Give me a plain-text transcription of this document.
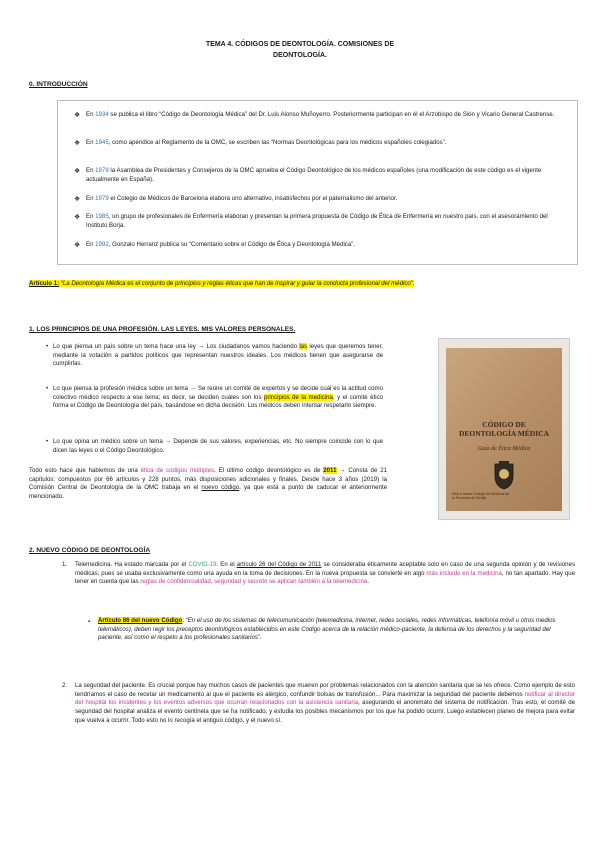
TEMA 4. CÓDIGOS DE DEONTOLOGÍA. COMISIONES DE
DEONTOLOGÍA.
0. INTRODUCCIÓN
❖ En 1934 se publica el libro “Código de Deontología Médica” del Dr. Luis Alonso Muñoyerro. Posteriormente participan en él el Arzobispo de Sión y Vicario General Castrense.
❖ En 1945, como apéndice al Reglamento de la OMC, se escriben las “Normas Deontológicas para los médicos españoles colegiados”.
❖ En 1978 la Asamblea de Presidentes y Consejeros de la OMC aprueba el Código Deontológico de los médicos españoles (una modificación de este código es el vigente actualmente en España).
❖ En 1979 el Colegio de Médicos de Barcelona elabora uno alternativo, insatisfechos por el paternalismo del anterior.
❖ En 1985, un grupo de profesionales de Enfermería elaboran y presentan la primera propuesta de Código de Ética de Enfermería en nuestro país, con el asesoramiento del Instituto Borja.
❖ En 1992, Gonzalo Herranz publica su “Comentario sobre el Código de Ética y Deontología Médica”.
Artículo 1: “La Deontología Médica es el conjunto de principios y reglas éticas que han de inspirar y guiar la conducta profesional del médico”.
1. LOS PRINCIPIOS DE UNA PROFESIÓN. LAS LEYES. MIS VALORES PERSONALES.
• Lo que piensa un país sobre un tema hace una ley → Los ciudadanos vamos haciendo las leyes que queremos tener, mediante la votación a partidos políticos que representan nuestros ideales. Los médicos tienen que asegurarse de cumplirlas.
• Lo que piensa la profesión médica sobre un tema → Se reúne un comité de expertos y se decide cuál es la actitud como colectivo médico respecto a ese tema; es decir, se deciden cuáles son los principios de la medicina, y el comité ético forma el Código de Deontología del país, basándose en dicha decisión. Los médicos deben intentar respetarlo siempre.
• Lo que opina un médico sobre un tema → Depende de sus valores, experiencias, etc. No siempre coincide con lo que dicen las leyes o el Código Deontológico.
Todo esto hace que hablemos de una ética de códigos múltiples. El último código deontológico es de 2011 → Consta de 21 capítulos: compuestos por 66 artículos y 228 puntos, más disposiciones adicionales y finales. Desde hace 3 años (2019) la Comisión Central de Deontología de la OMC trabaja en el nuevo código, ya que está a punto de caducar el anteriormente mencionado.
CÓDIGO DE
DEONTOLOGÍA MÉDICA
Guía de Ética Médica
Real e Ilustre Colegio de Médicos de la Provincia de Sevilla
2. NUEVO CÓDIGO DE DEONTOLOGÍA
1. Telemedicina. Ha estado marcada por el COVID-19. En el artículo 26 del Código de 2011 se consideraba éticamente aceptable solo en caso de una segunda opinión y de revisiones médicas; pues se usaba exclusivamente como una ayuda en la toma de decisiones. En la nueva propuesta se convierte en algo más incluido en la medicina, no tan apartado. Hay que tener en cuenta que las reglas de confidencialidad, seguridad y secreto se aplican también a la telemedicina.
▪ Artículo 86 del nuevo Código: “En el uso de los sistemas de telecomunicación (telemedicina, internet, redes sociales, redes informáticas, telefonía móvil u otros medios telemáticos), deben regir los preceptos deontológicos establecidos en este Código acerca de la relación médico-paciente, la defensa de los derechos y la seguridad del paciente, así como el respeto a los profesionales sanitarios”.
2. La seguridad del paciente. Es crucial porque hay muchos casos de pacientes que mueren por problemas relacionados con la atención sanitaria que se les ofrece. Como ejemplo de esto tendríamos el caso de recetar un medicamento al que el paciente es alérgico, confundir bolsas de transfusión... Para maximizar la seguridad del paciente debemos notificar al director del hospital los incidentes y los eventos adversos que ocurran relacionados con la asistencia sanitaria, asegurando el anonimato del sistema de notificación. Tras esto, el comité de seguridad del hospital analiza el evento centinela que se ha notificado, y estudia los posibles mecanismos por los que ha podido ocurrir. Luego establecen planes de mejora para evitar que vuelva a ocurrir. Todo esto no lo recogía el antiguo código, y el nuevo sí.
